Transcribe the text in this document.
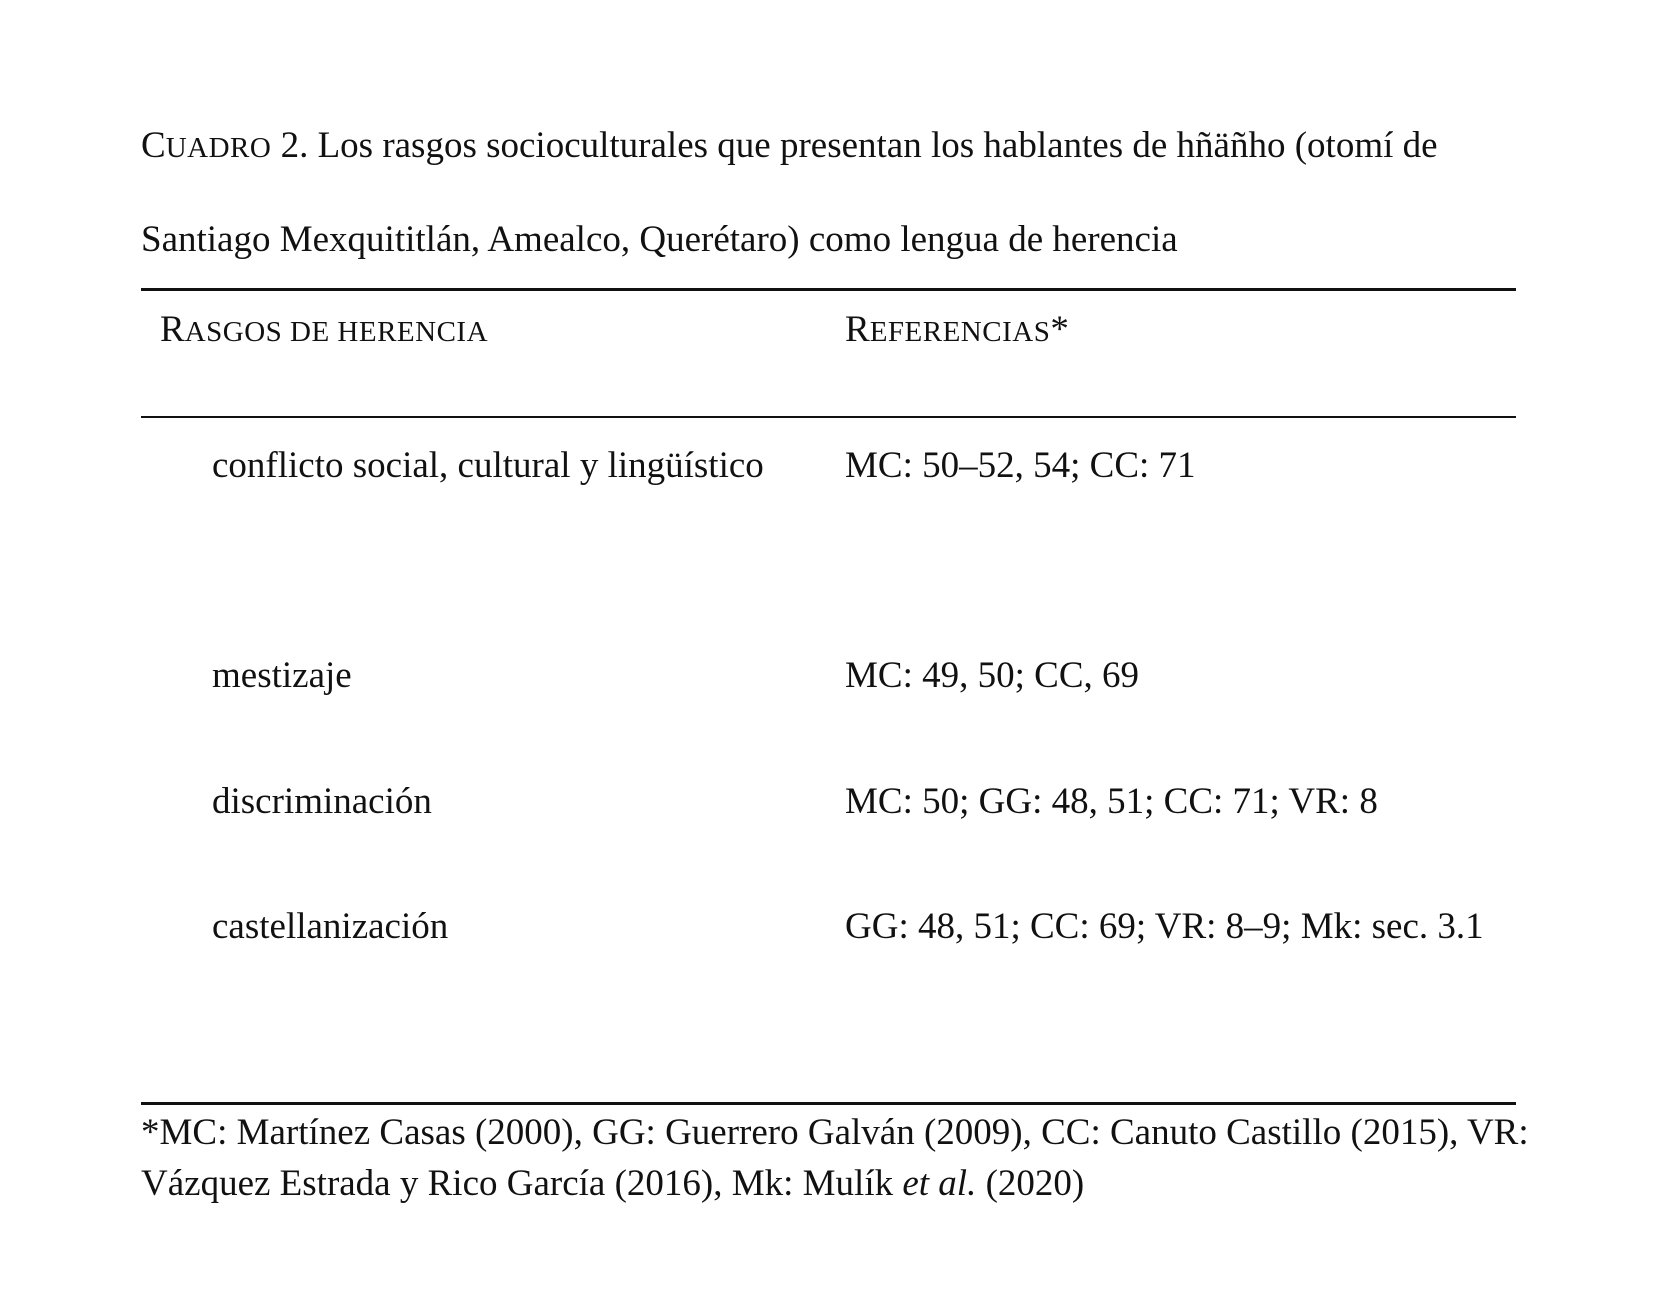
CUADRO 2. Los rasgos socioculturales que presentan los hablantes de hñäñho (otomí de Santiago Mexquititlán, Amealco, Querétaro) como lengua de herencia
RASGOS DE HERENCIA	REFERENCIAS*
conflicto social, cultural y lingüístico MC: 50–52, 54; CC: 71
mestizaje	MC: 49, 50; CC, 69
discriminación	MC: 50; GG: 48, 51; CC: 71; VR: 8
castellanización	GG: 48, 51; CC: 69; VR: 8–9; Mk: sec. 3.1
*MC: Martínez Casas (2000), GG: Guerrero Galván (2009), CC: Canuto Castillo (2015), VR: Vázquez Estrada y Rico García (2016), Mk: Mulík et al. (2020)
